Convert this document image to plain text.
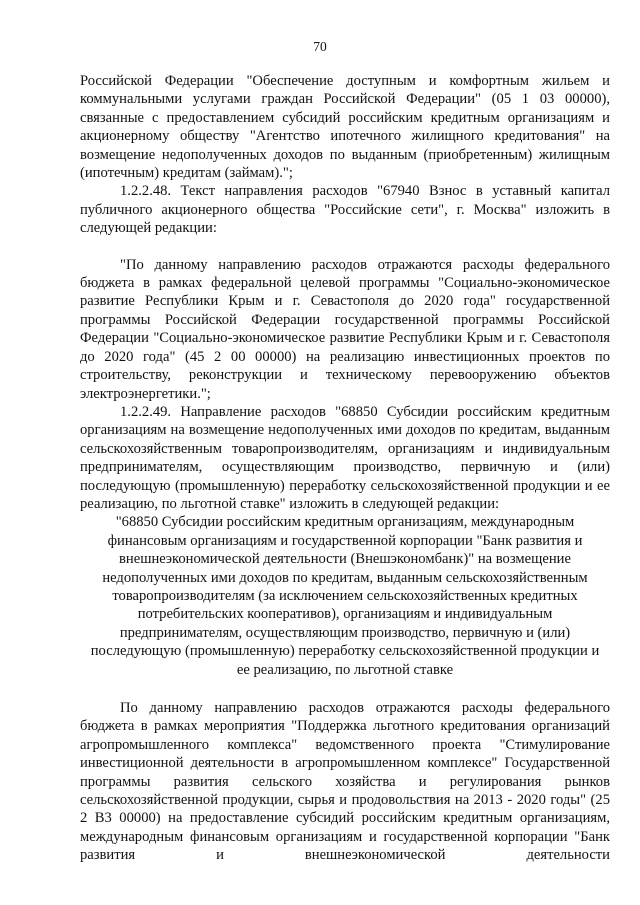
70

Российской Федерации "Обеспечение доступным и комфортным жильем и коммунальными услугами граждан Российской Федерации" (05 1 03 00000), связанные с предоставлением субсидий российским кредитным организациям и акционерному обществу "Агентство ипотечного жилищного кредитования" на возмещение недополученных доходов по выданным (приобретенным) жилищным (ипотечным) кредитам (займам).";

1.2.2.48. Текст направления расходов "67940 Взнос в уставный капитал публичного акционерного общества "Российские сети", г. Москва" изложить в следующей редакции:

"По данному направлению расходов отражаются расходы федерального бюджета в рамках федеральной целевой программы "Социально-экономическое развитие Республики Крым и г. Севастополя до 2020 года" государственной программы Российской Федерации государственной программы Российской Федерации "Социально-экономическое развитие Республики Крым и г. Севастополя до 2020 года" (45 2 00 00000) на реализацию инвестиционных проектов по строительству, реконструкции и техническому перевооружению объектов электроэнергетики.";

1.2.2.49. Направление расходов "68850 Субсидии российским кредитным организациям на возмещение недополученных ими доходов по кредитам, выданным сельскохозяйственным товаропроизводителям, организациям и индивидуальным предпринимателям, осуществляющим производство, первичную и (или) последующую (промышленную) переработку сельскохозяйственной продукции и ее реализацию, по льготной ставке" изложить в следующей редакции:

"68850 Субсидии российским кредитным организациям, международным финансовым организациям и государственной корпорации "Банк развития и внешнеэкономической деятельности (Внешэкономбанк)" на возмещение недополученных ими доходов по кредитам, выданным сельскохозяйственным товаропроизводителям (за исключением сельскохозяйственных кредитных потребительских кооперативов), организациям и индивидуальным предпринимателям, осуществляющим производство, первичную и (или) последующую (промышленную) переработку сельскохозяйственной продукции и ее реализацию, по льготной ставке

По данному направлению расходов отражаются расходы федерального бюджета в рамках мероприятия "Поддержка льготного кредитования организаций агропромышленного комплекса" ведомственного проекта "Стимулирование инвестиционной деятельности в агропромышленном комплексе" Государственной программы развития сельского хозяйства и регулирования рынков сельскохозяйственной продукции, сырья и продовольствия на 2013 - 2020 годы" (25 2 В3 00000) на предоставление субсидий российским кредитным организациям, международным финансовым организациям и государственной корпорации "Банк развития и внешнеэкономической деятельности
